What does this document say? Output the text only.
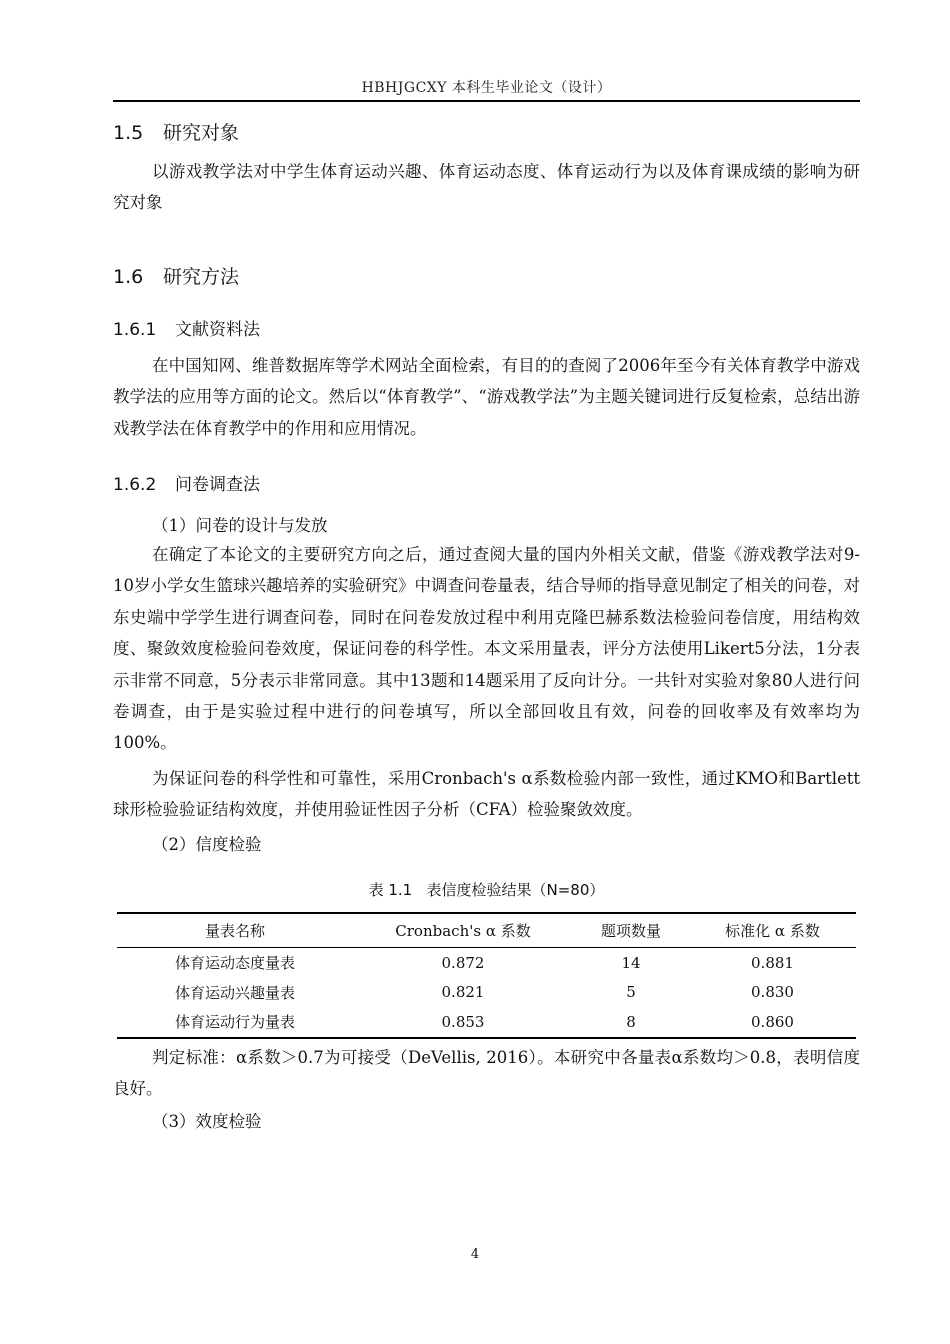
HBHJGCXY 本科生毕业论文（设计）
1.5 研究对象

以游戏教学法对中学生体育运动兴趣、体育运动态度、体育运动行为以及体育课成绩的影响为研究对象

1.6 研究方法
1.6.1 文献资料法

在中国知网、维普数据库等学术网站全面检索，有目的的查阅了2006年至今有关体育教学中游戏教学法的应用等方面的论文。然后以“体育教学”、“游戏教学法”为主题关键词进行反复检索，总结出游戏教学法在体育教学中的作用和应用情况。

1.6.2 问卷调查法
（1）问卷的设计与发放

在确定了本论文的主要研究方向之后，通过查阅大量的国内外相关文献，借鉴《游戏教学法对9-10岁小学女生篮球兴趣培养的实验研究》中调查问卷量表，结合导师的指导意见制定了相关的问卷，对东史端中学学生进行调查问卷，同时在问卷发放过程中利用克隆巴赫系数法检验问卷信度，用结构效度、聚敛效度检验问卷效度，保证问卷的科学性。本文采用量表，评分方法使用Likert5分法，1分表示非常不同意，5分表示非常同意。其中13题和14题采用了反向计分。一共针对实验对象80人进行问卷调查，由于是实验过程中进行的问卷填写，所以全部回收且有效，问卷的回收率及有效率均为100%。

为保证问卷的科学性和可靠性，采用Cronbach's α系数检验内部一致性，通过KMO和Bartlett球形检验验证结构效度，并使用验证性因子分析（CFA）检验聚敛效度。

（2）信度检验
表 1.1 表信度检验结果（N=80）
量表名称	Cronbach's α 系数	题项数量	标准化 α 系数
体育运动态度量表	0.872	14	0.881
体育运动兴趣量表	0.821	5	0.830
体育运动行为量表	0.853	8	0.860

判定标准：α系数＞0.7为可接受（DeVellis, 2016）。本研究中各量表α系数均＞0.8，表明信度良好。

（3）效度检验
4
